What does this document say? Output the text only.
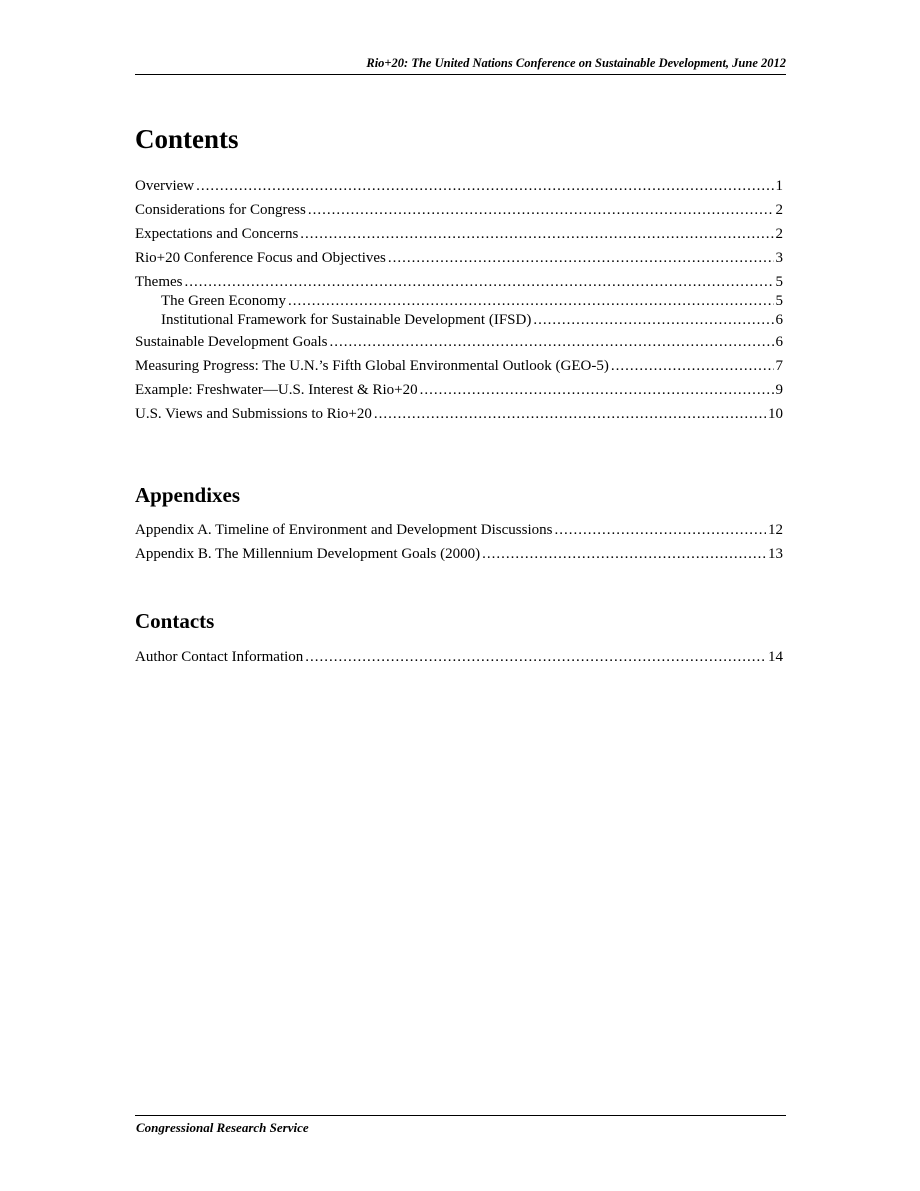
Rio+20: The United Nations Conference on Sustainable Development, June 2012
Contents
Overview .....	1
Considerations for Congress .....	2
Expectations and Concerns .....	2
Rio+20 Conference Focus and Objectives .....	3
Themes .....	5
The Green Economy .....	5
Institutional Framework for Sustainable Development (IFSD) .....	6
Sustainable Development Goals .....	6
Measuring Progress: The U.N.’s Fifth Global Environmental Outlook (GEO-5) .....	7
Example: Freshwater—U.S. Interest & Rio+20 .....	9
U.S. Views and Submissions to Rio+20 .....	10
Appendixes
Appendix A. Timeline of Environment and Development Discussions .....	12
Appendix B. The Millennium Development Goals (2000) .....	13
Contacts
Author Contact Information .....	14
Congressional Research Service
